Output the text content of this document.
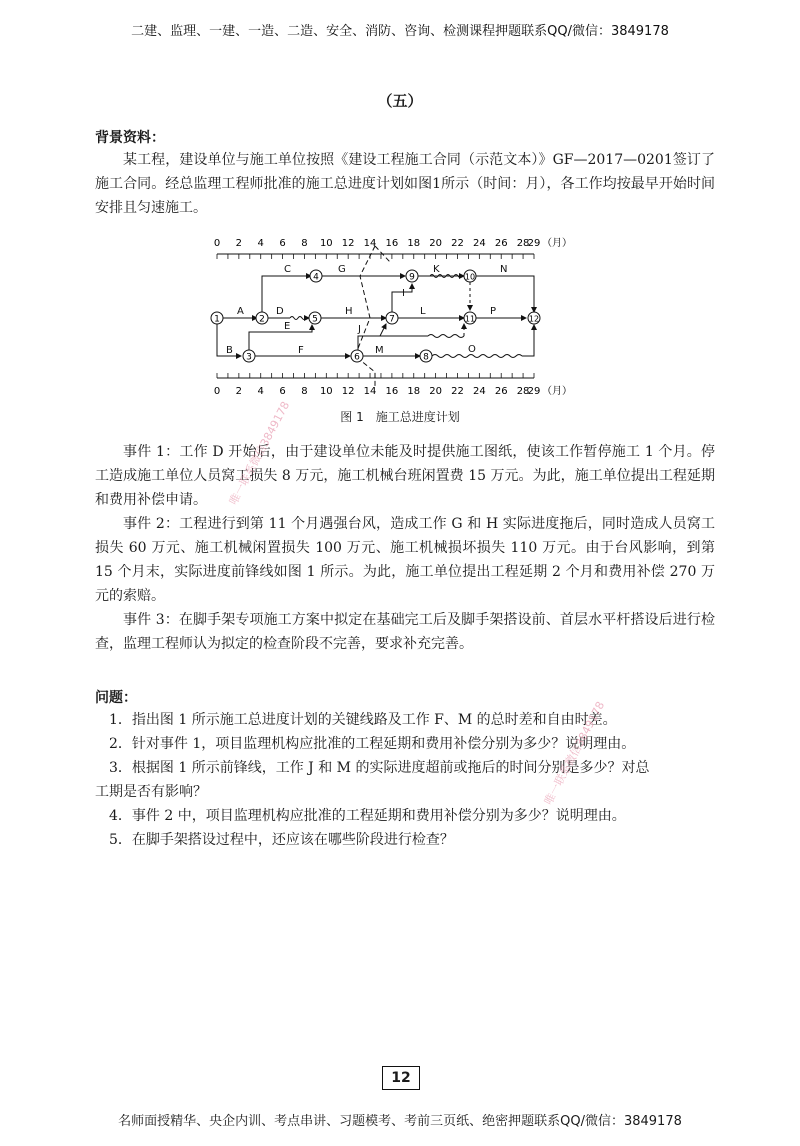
二建、监理、一建、一造、二造、安全、消防、咨询、检测课程押题联系QQ/微信：3849178
（五）
背景资料：

某工程，建设单位与施工单位按照《建设工程施工合同（示范文本）》GF—2017—0201签订了施工合同。经总监理工程师批准的施工总进度计划如图1所示（时间：月），各工作均按最早开始时间安排且匀速施工。

0 2 4 6 8 10 12 14 16 18 20 22 24 26 28
29 （月）
0 2 4 6 8 10 12 14 16 18 20 22 24 26 28
29 （月）
1	2
3
4
5
6
7
8
9	10
11	12
A
B
C
D
E
F
G
H
I
J
K
L
M
N
O
P
图 1　施工总进度计划

事件 1：工作 D 开始后，由于建设单位未能及时提供施工图纸，使该工作暂停施工 1 个月。停工造成施工单位人员窝工损失 8 万元，施工机械台班闲置费 15 万元。为此，施工单位提出工程延期和费用补偿申请。

事件 2：工程进行到第 11 个月遇强台风，造成工作 G 和 H 实际进度拖后，同时造成人员窝工损失 60 万元、施工机械闲置损失 100 万元、施工机械损坏损失 110 万元。由于台风影响，到第 15 个月末，实际进度前锋线如图 1 所示。为此，施工单位提出工程延期 2 个月和费用补偿 270 万元的索赔。

事件 3：在脚手架专项施工方案中拟定在基础完工后及脚手架搭设前、首层水平杆搭设后进行检查，监理工程师认为拟定的检查阶段不完善，要求补充完善。

问题：

1．指出图 1 所示施工总进度计划的关键线路及工作 F、M 的总时差和自由时差。

2．针对事件 1，项目监理机构应批准的工程延期和费用补偿分别为多少？说明理由。

3．根据图 1 所示前锋线，工作 J 和 M 的实际进度超前或拖后的时间分别是多少？对总

工期是否有影响？

4．事件 2 中，项目监理机构应批准的工程延期和费用补偿分别为多少？说明理由。

5．在脚手架搭设过程中，还应该在哪些阶段进行检查？

唯一联系微信3849178
唯一联系微信3849178
12
名师面授精华、央企内训、考点串讲、习题模考、考前三页纸、绝密押题联系QQ/微信：3849178
